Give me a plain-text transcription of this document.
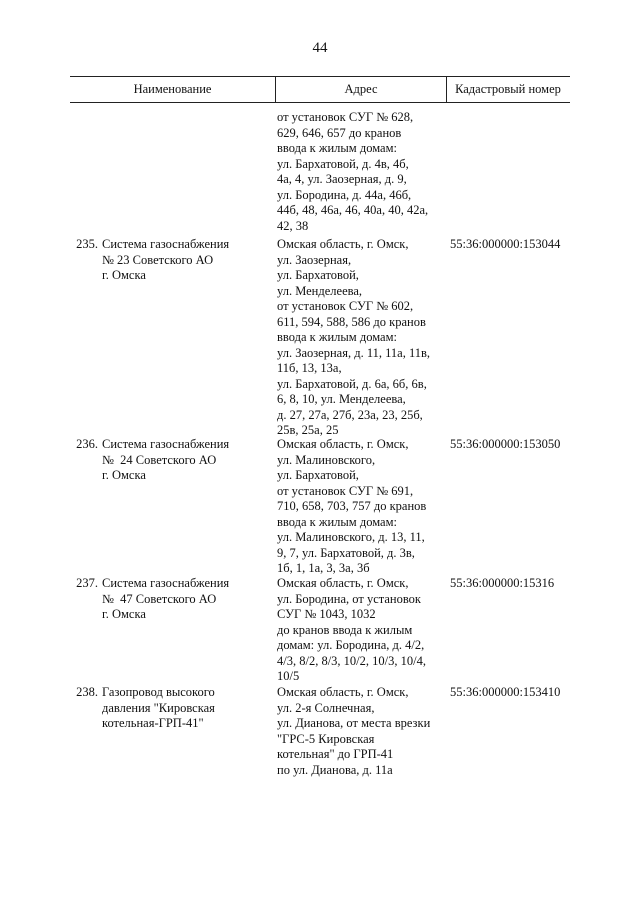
44
Наименование	Адрес	Кадастровый номер
от установок СУГ № 628,
629, 646, 657 до кранов
ввода к жилым домам:
ул. Бархатовой, д. 4в, 4б,
4а, 4, ул. Заозерная, д. 9,
ул. Бородина, д. 44а, 46б,
44б, 48, 46а, 46, 40а, 40, 42а,
42, 38
235. Система газоснабжения
№ 23 Советского АО
г. Омска
Омская область, г. Омск,
ул. Заозерная,
ул. Бархатовой,
ул. Менделеева,
от установок СУГ № 602,
611, 594, 588, 586 до кранов
ввода к жилым домам:
ул. Заозерная, д. 11, 11а, 11в,
11б, 13, 13а,
ул. Бархатовой, д. 6а, 6б, 6в,
6, 8, 10, ул. Менделеева,
д. 27, 27а, 27б, 23а, 23, 25б,
25в, 25а, 25
55:36:000000:153044
236. Система газоснабжения
№  24 Советского АО
г. Омска
Омская область, г. Омск,
ул. Малиновского,
ул. Бархатовой,
от установок СУГ № 691,
710, 658, 703, 757 до кранов
ввода к жилым домам:
ул. Малиновского, д. 13, 11,
9, 7, ул. Бархатовой, д. 3в,
1б, 1, 1а, 3, 3а, 3б
55:36:000000:153050
237. Система газоснабжения
№  47 Советского АО
г. Омска
Омская область, г. Омск,
ул. Бородина, от установок
СУГ № 1043, 1032
до кранов ввода к жилым
домам: ул. Бородина, д. 4/2,
4/3, 8/2, 8/3, 10/2, 10/3, 10/4,
10/5
55:36:000000:15316
238. Газопровод высокого
давления "Кировская
котельная-ГРП-41"
Омская область, г. Омск,
ул. 2-я Солнечная,
ул. Дианова, от места врезки
"ГРС-5 Кировская
котельная" до ГРП-41
по ул. Дианова, д. 11а
55:36:000000:153410
